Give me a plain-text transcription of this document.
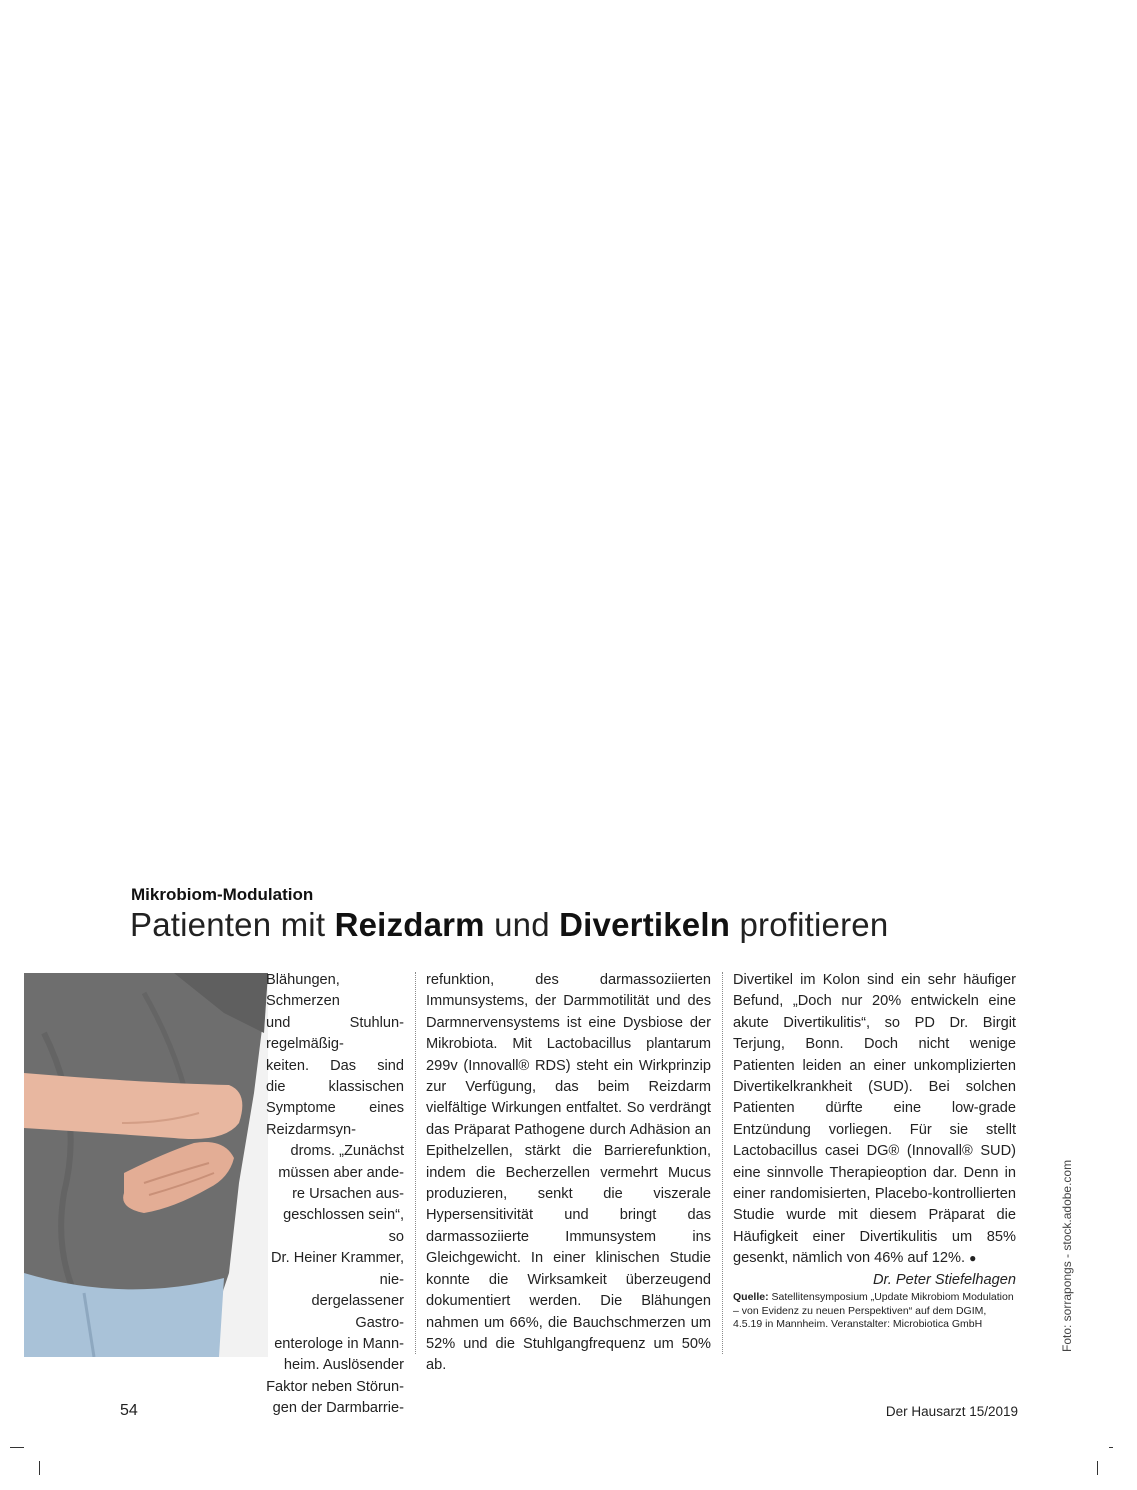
Mikrobiom-Modulation
Patienten mit Reizdarm und Divertikeln profitieren

Blähungen,

Schmerzen

und Stuhlun-

regelmäßig-

keiten. Das sind

die klassischen

Symptome eines

Reizdarmsyn-

droms. „Zunächst

müssen aber ande-

re Ursachen aus-

geschlossen sein“, so

Dr. Heiner Krammer, nie-

dergelassener Gastro-

enterologe in Mann-

heim. Auslösender

Faktor neben Störun-

gen der Darmbarrie-

refunktion, des darmassoziierten Immunsystems, der Darmmotilität und des Darmnervensystems ist eine Dysbiose der Mikrobiota. Mit Lactobacillus plantarum 299v (Innovall® RDS) steht ein Wirkprinzip zur Verfügung, das beim Reizdarm vielfältige Wirkungen entfaltet. So verdrängt das Präparat Pathogene durch Adhäsion an Epithelzellen, stärkt die Barrierefunktion, indem die Becherzellen vermehrt Mucus produzieren, senkt die viszerale Hypersensitivität und bringt das darmassoziierte Immunsystem ins Gleichgewicht. In einer klinischen Studie konnte die Wirksamkeit überzeugend dokumentiert werden. Die Blähungen nahmen um 66%, die Bauchschmerzen um 52% und die Stuhlgangfrequenz um 50% ab.

Divertikel im Kolon sind ein sehr häufiger Befund, „Doch nur 20% entwickeln eine akute Divertikulitis“, so PD Dr. Birgit Terjung, Bonn. Doch nicht wenige Patienten leiden an einer unkomplizierten Divertikelkrankheit (SUD). Bei solchen Patienten dürfte eine low-grade Entzündung vorliegen. Für sie stellt Lactobacillus casei DG® (Innovall® SUD) eine sinnvolle Therapieoption dar. Denn in einer randomisierten, Placebo-kontrollierten Studie wurde mit diesem Präparat die Häufigkeit einer Divertikulitis um 85% gesenkt, nämlich von 46% auf 12%. ●

Dr. Peter Stiefelhagen

Quelle: Satellitensymposium „Update Mikrobiom Modulation – von Evidenz zu neuen Perspektiven“ auf dem DGIM, 4.5.19 in Mannheim. Veranstalter: Microbiotica GmbH	Foto: sorrapongs - stock.adobe.com
54	Der Hausarzt 15/2019
